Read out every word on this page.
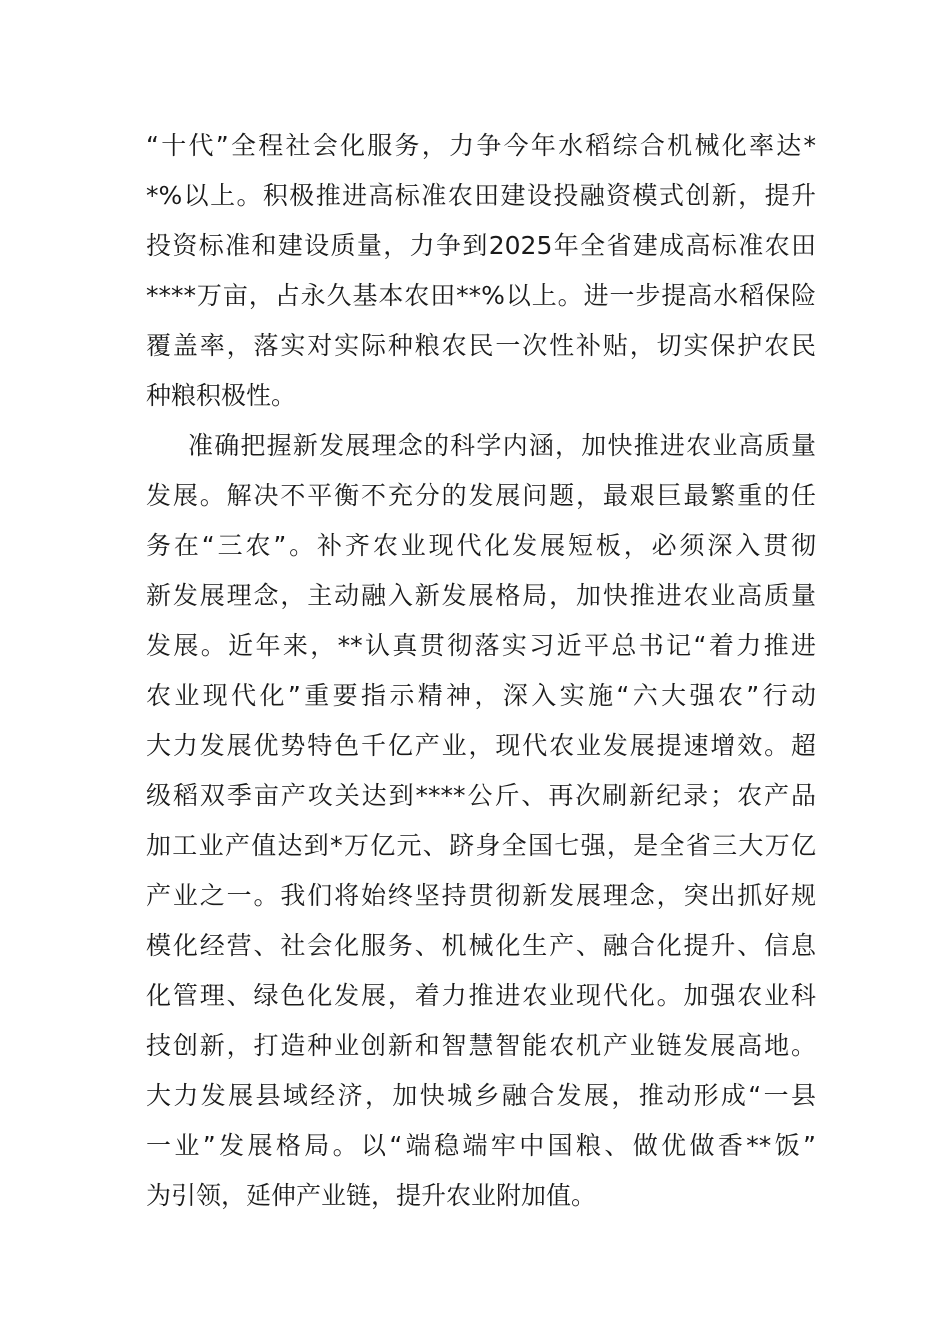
“十代”全程社会化服务，力争今年水稻综合机械化率达*
*%以上。积极推进高标准农田建设投融资模式创新，提升
投资标准和建设质量，力争到2025年全省建成高标准农田
****万亩，占永久基本农田**%以上。进一步提高水稻保险
覆盖率，落实对实际种粮农民一次性补贴，切实保护农民
种粮积极性。
准确把握新发展理念的科学内涵，加快推进农业高质量
发展。解决不平衡不充分的发展问题，最艰巨最繁重的任
务在“三农”。补齐农业现代化发展短板，必须深入贯彻
新发展理念，主动融入新发展格局，加快推进农业高质量
发展。近年来，**认真贯彻落实习近平总书记“着力推进
农业现代化”重要指示精神，深入实施“六大强农”行动
大力发展优势特色千亿产业，现代农业发展提速增效。超
级稻双季亩产攻关达到****公斤、再次刷新纪录；农产品
加工业产值达到*万亿元、跻身全国七强，是全省三大万亿
产业之一。我们将始终坚持贯彻新发展理念，突出抓好规
模化经营、社会化服务、机械化生产、融合化提升、信息
化管理、绿色化发展，着力推进农业现代化。加强农业科
技创新，打造种业创新和智慧智能农机产业链发展高地。
大力发展县域经济，加快城乡融合发展，推动形成“一县
一业”发展格局。以“端稳端牢中国粮、做优做香**饭”
为引领，延伸产业链，提升农业附加值。
